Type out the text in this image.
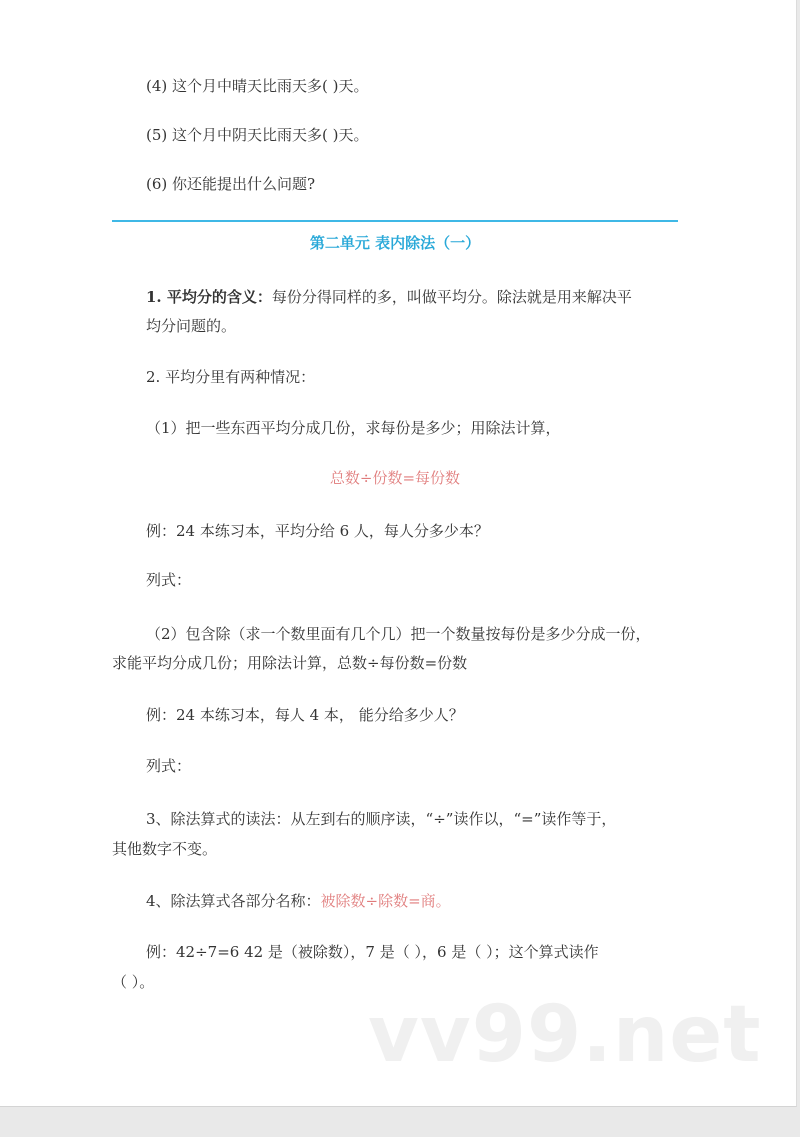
(4) 这个月中晴天比雨天多( )天。
(5) 这个月中阴天比雨天多( )天。
(6) 你还能提出什么问题?
第二单元 表内除法（一）
1. 平均分的含义：每份分得同样的多，叫做平均分。除法就是用来解决平
均分问题的。
2. 平均分里有两种情况：
（1）把一些东西平均分成几份，求每份是多少；用除法计算，
总数÷份数=每份数
例：24 本练习本，平均分给 6 人，每人分多少本？
列式：
（2）包含除（求一个数里面有几个几）把一个数量按每份是多少分成一份，
求能平均分成几份；用除法计算，总数÷每份数=份数
例：24 本练习本，每人 4 本， 能分给多少人？
列式：
3、除法算式的读法：从左到右的顺序读，“÷”读作以，“=”读作等于，
其他数字不变。
4、除法算式各部分名称：被除数÷除数=商。
例：42÷7=6 42 是（被除数），7 是（ ），6 是（ ）；这个算式读作
（ ）。
vv99.net
